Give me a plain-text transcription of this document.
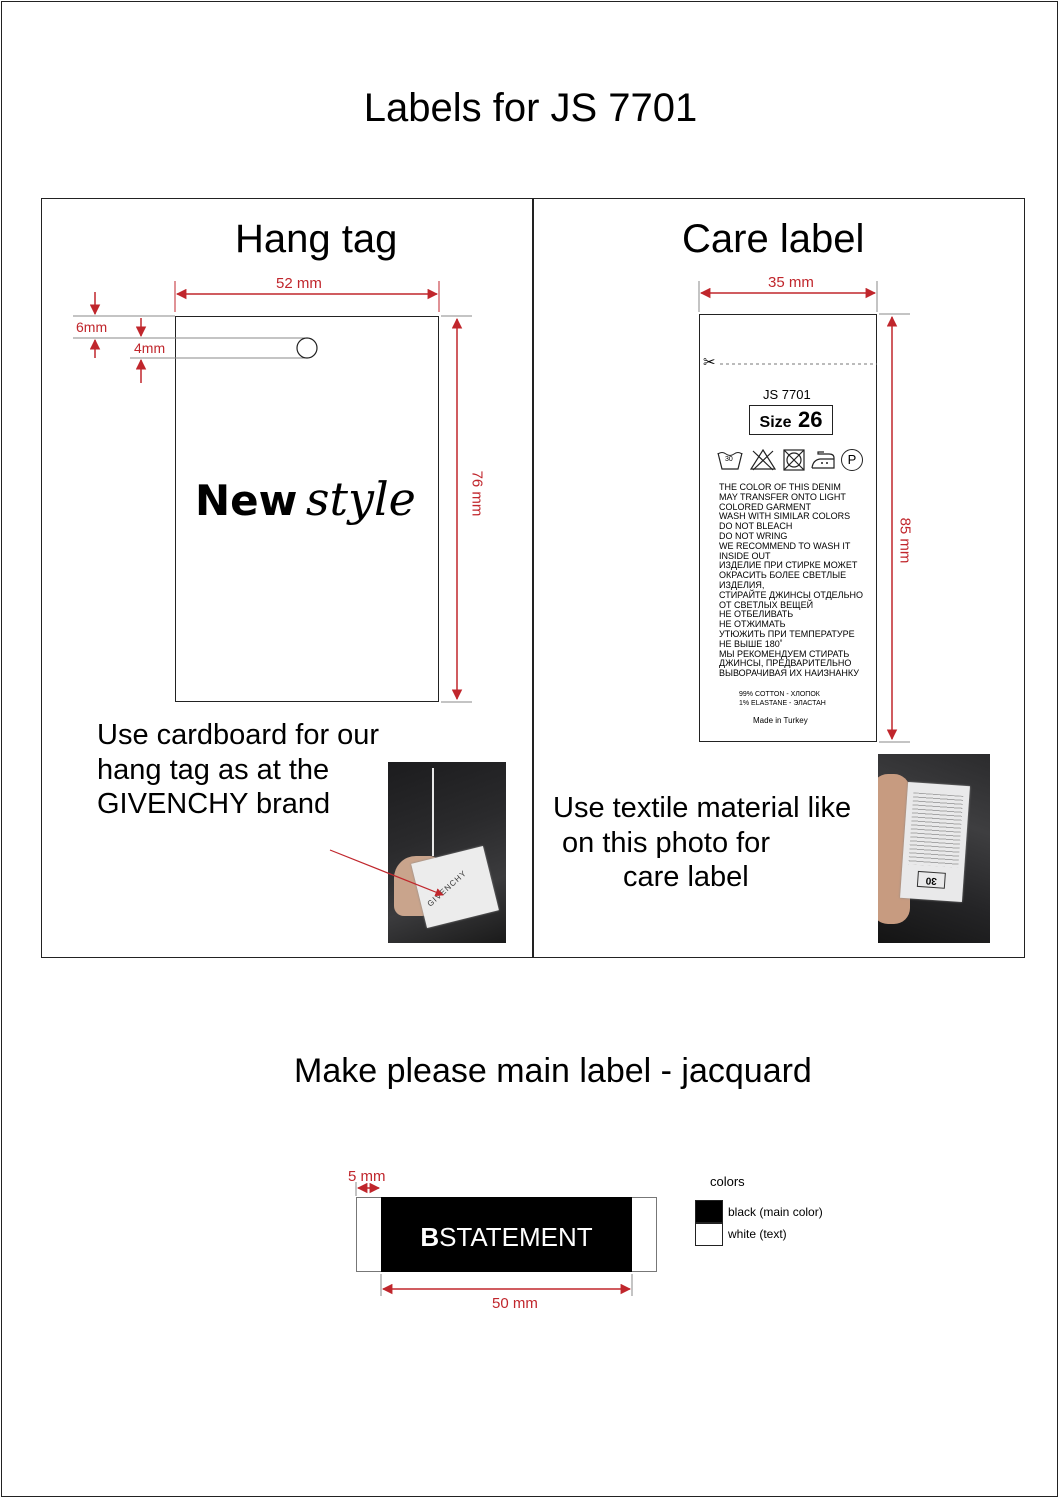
Labels for JS 7701
Hang tag
New style
52 mm
76 mm
6mm
4mm
Use cardboard for our
hang tag as at the
GIVENCHY brand
GIVENCHY
Care label
✂
JS 7701
Size 26
30	P
THE COLOR OF THIS DENIM
MAY TRANSFER ONTO LIGHT
COLORED GARMENT
WASH WITH SIMILAR COLORS
DO NOT BLEACH
DO NOT WRING
WE RECOMMEND TO WASH IT
INSIDE OUT
ИЗДЕЛИЕ ПРИ СТИРКЕ МОЖЕТ
ОКРАСИТЬ БОЛЕЕ СВЕТЛЫЕ
ИЗДЕЛИЯ,
СТИРАЙТЕ ДЖИНСЫ ОТДЕЛЬНО
ОТ СВЕТЛЫХ ВЕЩЕЙ
НЕ ОТБЕЛИВАТЬ
НЕ ОТЖИМАТЬ
УТЮЖИТЬ ПРИ ТЕМПЕРАТУРЕ
НЕ ВЫШЕ 180˚
МЫ РЕКОМЕНДУЕМ СТИРАТЬ
ДЖИНСЫ, ПРЕДВАРИТЕЛЬНО
ВЫВОРАЧИВАЯ ИХ НАИЗНАНКУ
99% COTTON - ХЛОПОК
1% ELASTANE - ЭЛАСТАН
Made in Turkey
35 mm
85 mm
Use textile material like
on this photo for
care label	30
Make please main label - jacquard
BSTATEMENT
5 mm
50 mm
colors
black (main color)
white (text)
